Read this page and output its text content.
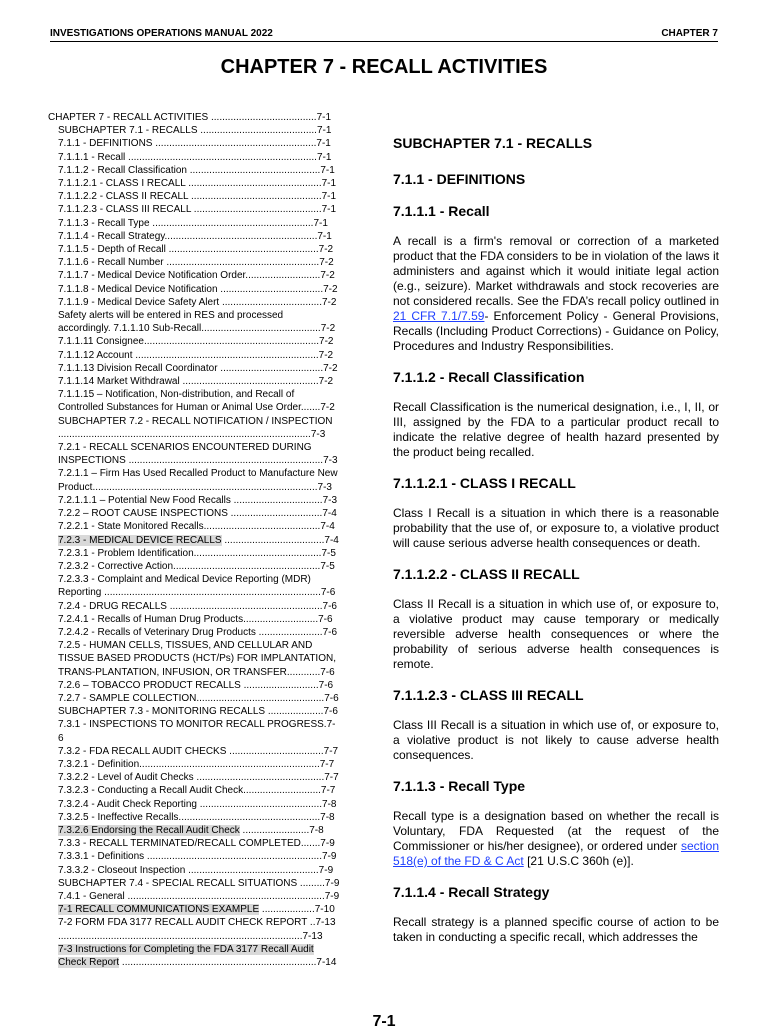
INVESTIGATIONS OPERATIONS MANUAL 2022	CHAPTER 7
CHAPTER 7 - RECALL ACTIVITIES
CHAPTER 7 - RECALL ACTIVITIES ......................................7-1
SUBCHAPTER 7.1 - RECALLS ..........................................7-1
7.1.1 - DEFINITIONS ..........................................................7-1
7.1.1.1 - Recall ....................................................................7-1
7.1.1.2 - Recall Classification ...............................................7-1
7.1.1.2.1 - CLASS I RECALL ................................................7-1
7.1.1.2.2 - CLASS II RECALL ...............................................7-1
7.1.1.2.3 - CLASS III RECALL ..............................................7-1
7.1.1.3 - Recall Type ..........................................................7-1
7.1.1.4 - Recall Strategy.......................................................7-1
7.1.1.5 - Depth of Recall ......................................................7-2
7.1.1.6 - Recall Number .......................................................7-2
7.1.1.7 - Medical Device Notification Order...........................7-2
7.1.1.8 - Medical Device Notification .....................................7-2
7.1.1.9 - Medical Device Safety Alert ....................................7-2
Safety alerts will be entered in RES and processed
accordingly. 7.1.1.10 Sub-Recall...........................................7-2
7.1.1.11 Consignee...............................................................7-2
7.1.1.12 Account ..................................................................7-2
7.1.1.13 Division Recall Coordinator .....................................7-2
7.1.1.14 Market Withdrawal .................................................7-2
7.1.1.15 – Notification, Non-distribution, and Recall of
Controlled Substances for Human or Animal Use Order.......7-2
SUBCHAPTER 7.2 - RECALL NOTIFICATION / INSPECTION
...........................................................................................7-3
7.2.1 - RECALL SCENARIOS ENCOUNTERED DURING
INSPECTIONS ......................................................................7-3
7.2.1.1 – Firm Has Used Recalled Product to Manufacture New
Product.................................................................................7-3
7.2.1.1.1 – Potential New Food Recalls ................................7-3
7.2.2 – ROOT CAUSE INSPECTIONS .................................7-4
7.2.2.1 - State Monitored Recalls..........................................7-4
7.2.3 - MEDICAL DEVICE RECALLS ....................................7-4
7.2.3.1 - Problem Identification..............................................7-5
7.2.3.2 - Corrective Action.....................................................7-5
7.2.3.3 - Complaint and Medical Device Reporting (MDR)
Reporting ..............................................................................7-6
7.2.4 - DRUG RECALLS .......................................................7-6
7.2.4.1 - Recalls of Human Drug Products...........................7-6
7.2.4.2 - Recalls of Veterinary Drug Products .......................7-6
7.2.5 - HUMAN CELLS, TISSUES, AND CELLULAR AND
TISSUE BASED PRODUCTS (HCT/Ps) FOR IMPLANTATION,
TRANS-PLANTATION, INFUSION, OR TRANSFER............7-6
7.2.6 – TOBACCO PRODUCT RECALLS ...........................7-6
7.2.7 - SAMPLE COLLECTION..............................................7-6
SUBCHAPTER 7.3 - MONITORING RECALLS ....................7-6
7.3.1 - INSPECTIONS TO MONITOR RECALL PROGRESS.7-
6
7.3.2 - FDA RECALL AUDIT CHECKS ..................................7-7
7.3.2.1 - Definition.................................................................7-7
7.3.2.2 - Level of Audit Checks ..............................................7-7
7.3.2.3 - Conducting a Recall Audit Check............................7-7
7.3.2.4 - Audit Check Reporting ............................................7-8
7.3.2.5 - Ineffective Recalls...................................................7-8
7.3.2.6 Endorsing the Recall Audit Check ........................7-8
7.3.3 - RECALL TERMINATED/RECALL COMPLETED.......7-9
7.3.3.1 - Definitions ...............................................................7-9
7.3.3.2 - Closeout Inspection ...............................................7-9
SUBCHAPTER 7.4 - SPECIAL RECALL SITUATIONS .........7-9
7.4.1 - General .......................................................................7-9
7-1 RECALL COMMUNICATIONS EXAMPLE ...................7-10
7-2 FORM FDA 3177 RECALL AUDIT CHECK REPORT ..7-13
........................................................................................7-13
7-3 Instructions for Completing the FDA 3177 Recall Audit
Check Report ......................................................................7-14
SUBCHAPTER 7.1 - RECALLS
7.1.1 - DEFINITIONS
7.1.1.1 - Recall

A recall is a firm's removal or correction of a marketed product that the FDA considers to be in violation of the laws it administers and against which it would initiate legal action (e.g., seizure). Market withdrawals and stock recoveries are not considered recalls. See the FDA’s recall policy outlined in 21 CFR 7.1/7.59- Enforcement Policy - General Provisions, Recalls (Including Product Corrections) - Guidance on Policy, Procedures and Industry Responsibilities.

7.1.1.2 - Recall Classification

Recall Classification is the numerical designation, i.e., I, II, or III, assigned by the FDA to a particular product recall to indicate the relative degree of health hazard presented by the product being recalled.

7.1.1.2.1 - CLASS I RECALL

Class I Recall is a situation in which there is a reasonable probability that the use of, or exposure to, a violative product will cause serious adverse health consequences or death.

7.1.1.2.2 - CLASS II RECALL

Class II Recall is a situation in which use of, or exposure to, a violative product may cause temporary or medically reversible adverse health consequences or where the probability of serious adverse health consequences is remote.

7.1.1.2.3 - CLASS III RECALL

Class III Recall is a situation in which use of, or exposure to, a violative product is not likely to cause adverse health consequences.

7.1.1.3 - Recall Type

Recall type is a designation based on whether the recall is Voluntary, FDA Requested (at the request of the Commissioner or his/her designee), or ordered under section 518(e) of the FD & C Act [21 U.S.C 360h (e)].

7.1.1.4 - Recall Strategy

Recall strategy is a planned specific course of action to be taken in conducting a specific recall, which addresses the

7-1
